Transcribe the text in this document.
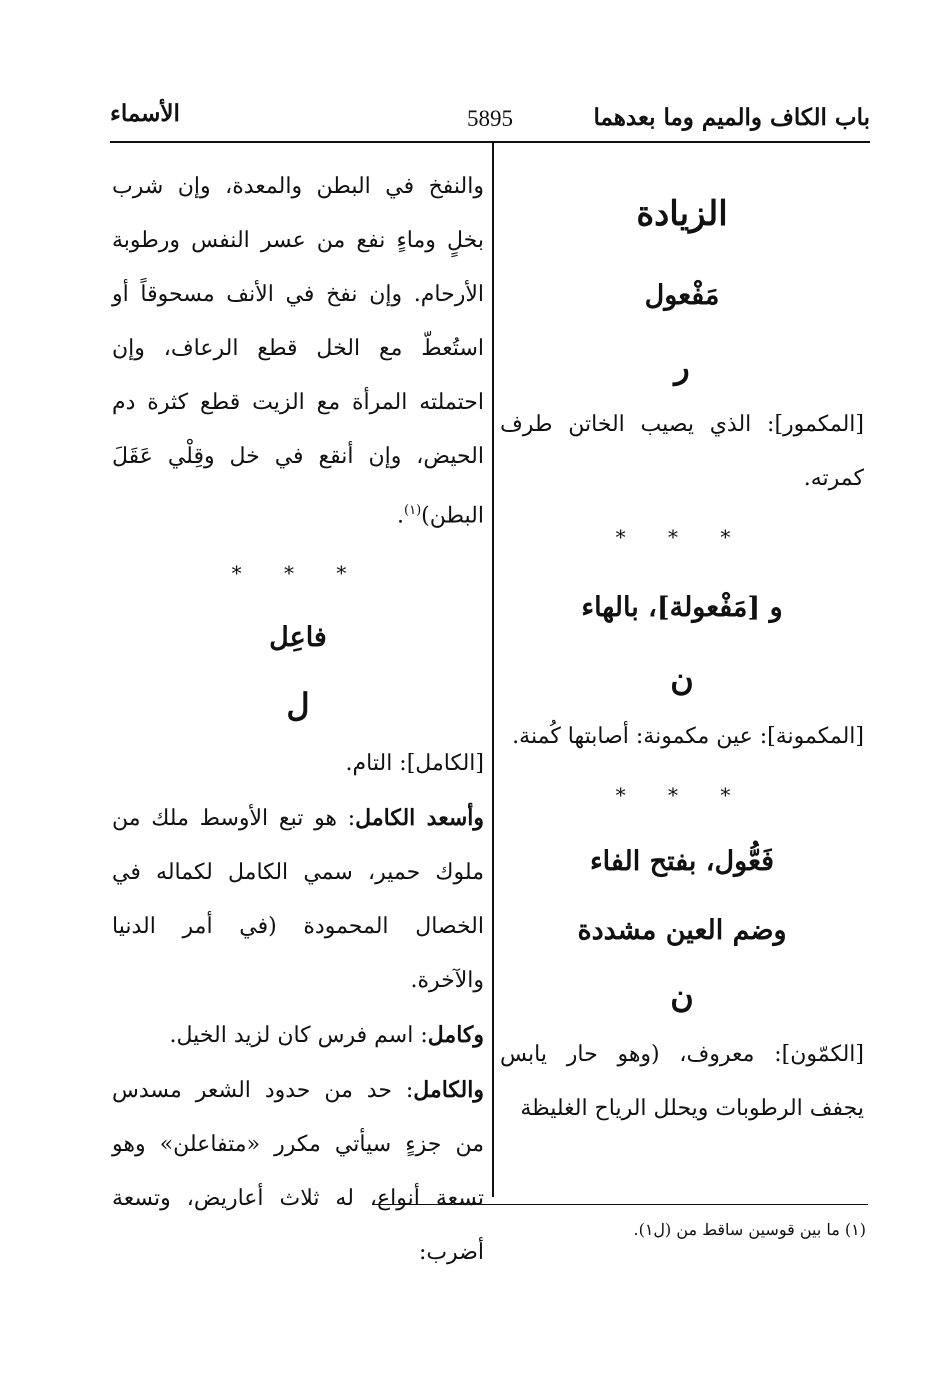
باب الكاف والميم وما بعدهما
5895
الأسماء
الزيادة
مَفْعول
ر

[المكمور]: الذي يصيب الخاتن طرف كمرته.

* * *
و [مَفْعولة]، بالهاء
ن

[المكمونة]: عين مكمونة: أصابتها كُمنة.

* * *
فَعُّول، بفتح الفاء
وضم العين مشددة
ن

[الكمّون]: معروف، (وهو حار يابس يجفف الرطوبات ويحلل الرياح الغليظة

والنفخ في البطن والمعدة، وإن شرب بخلٍ وماءٍ نفع من عسر النفس ورطوبة الأرحام. وإن نفخ في الأنف مسحوقاً أو استُعطّ مع الخل قطع الرعاف، وإن احتملته المرأة مع الزيت قطع كثرة دم الحيض، وإن أنقع في خل وقِلْي عَقَلَ البطن)$^{(١)}$.

* * *
فاعِل
ل

[الكامل]: التام.

وأسعد الكامل: هو تبع الأوسط ملك من ملوك حمير، سمي الكامل لكماله في الخصال المحمودة (في أمر الدنيا والآخرة.

وكامل: اسم فرس كان لزيد الخيل.

والكامل: حد من حدود الشعر مسدس من جزءٍ سيأتي مكرر «متفاعلن» وهو تسعة أنواع، له ثلاث أعاريض، وتسعة أضرب:

(١) ما بين قوسين ساقط من (ل١).
